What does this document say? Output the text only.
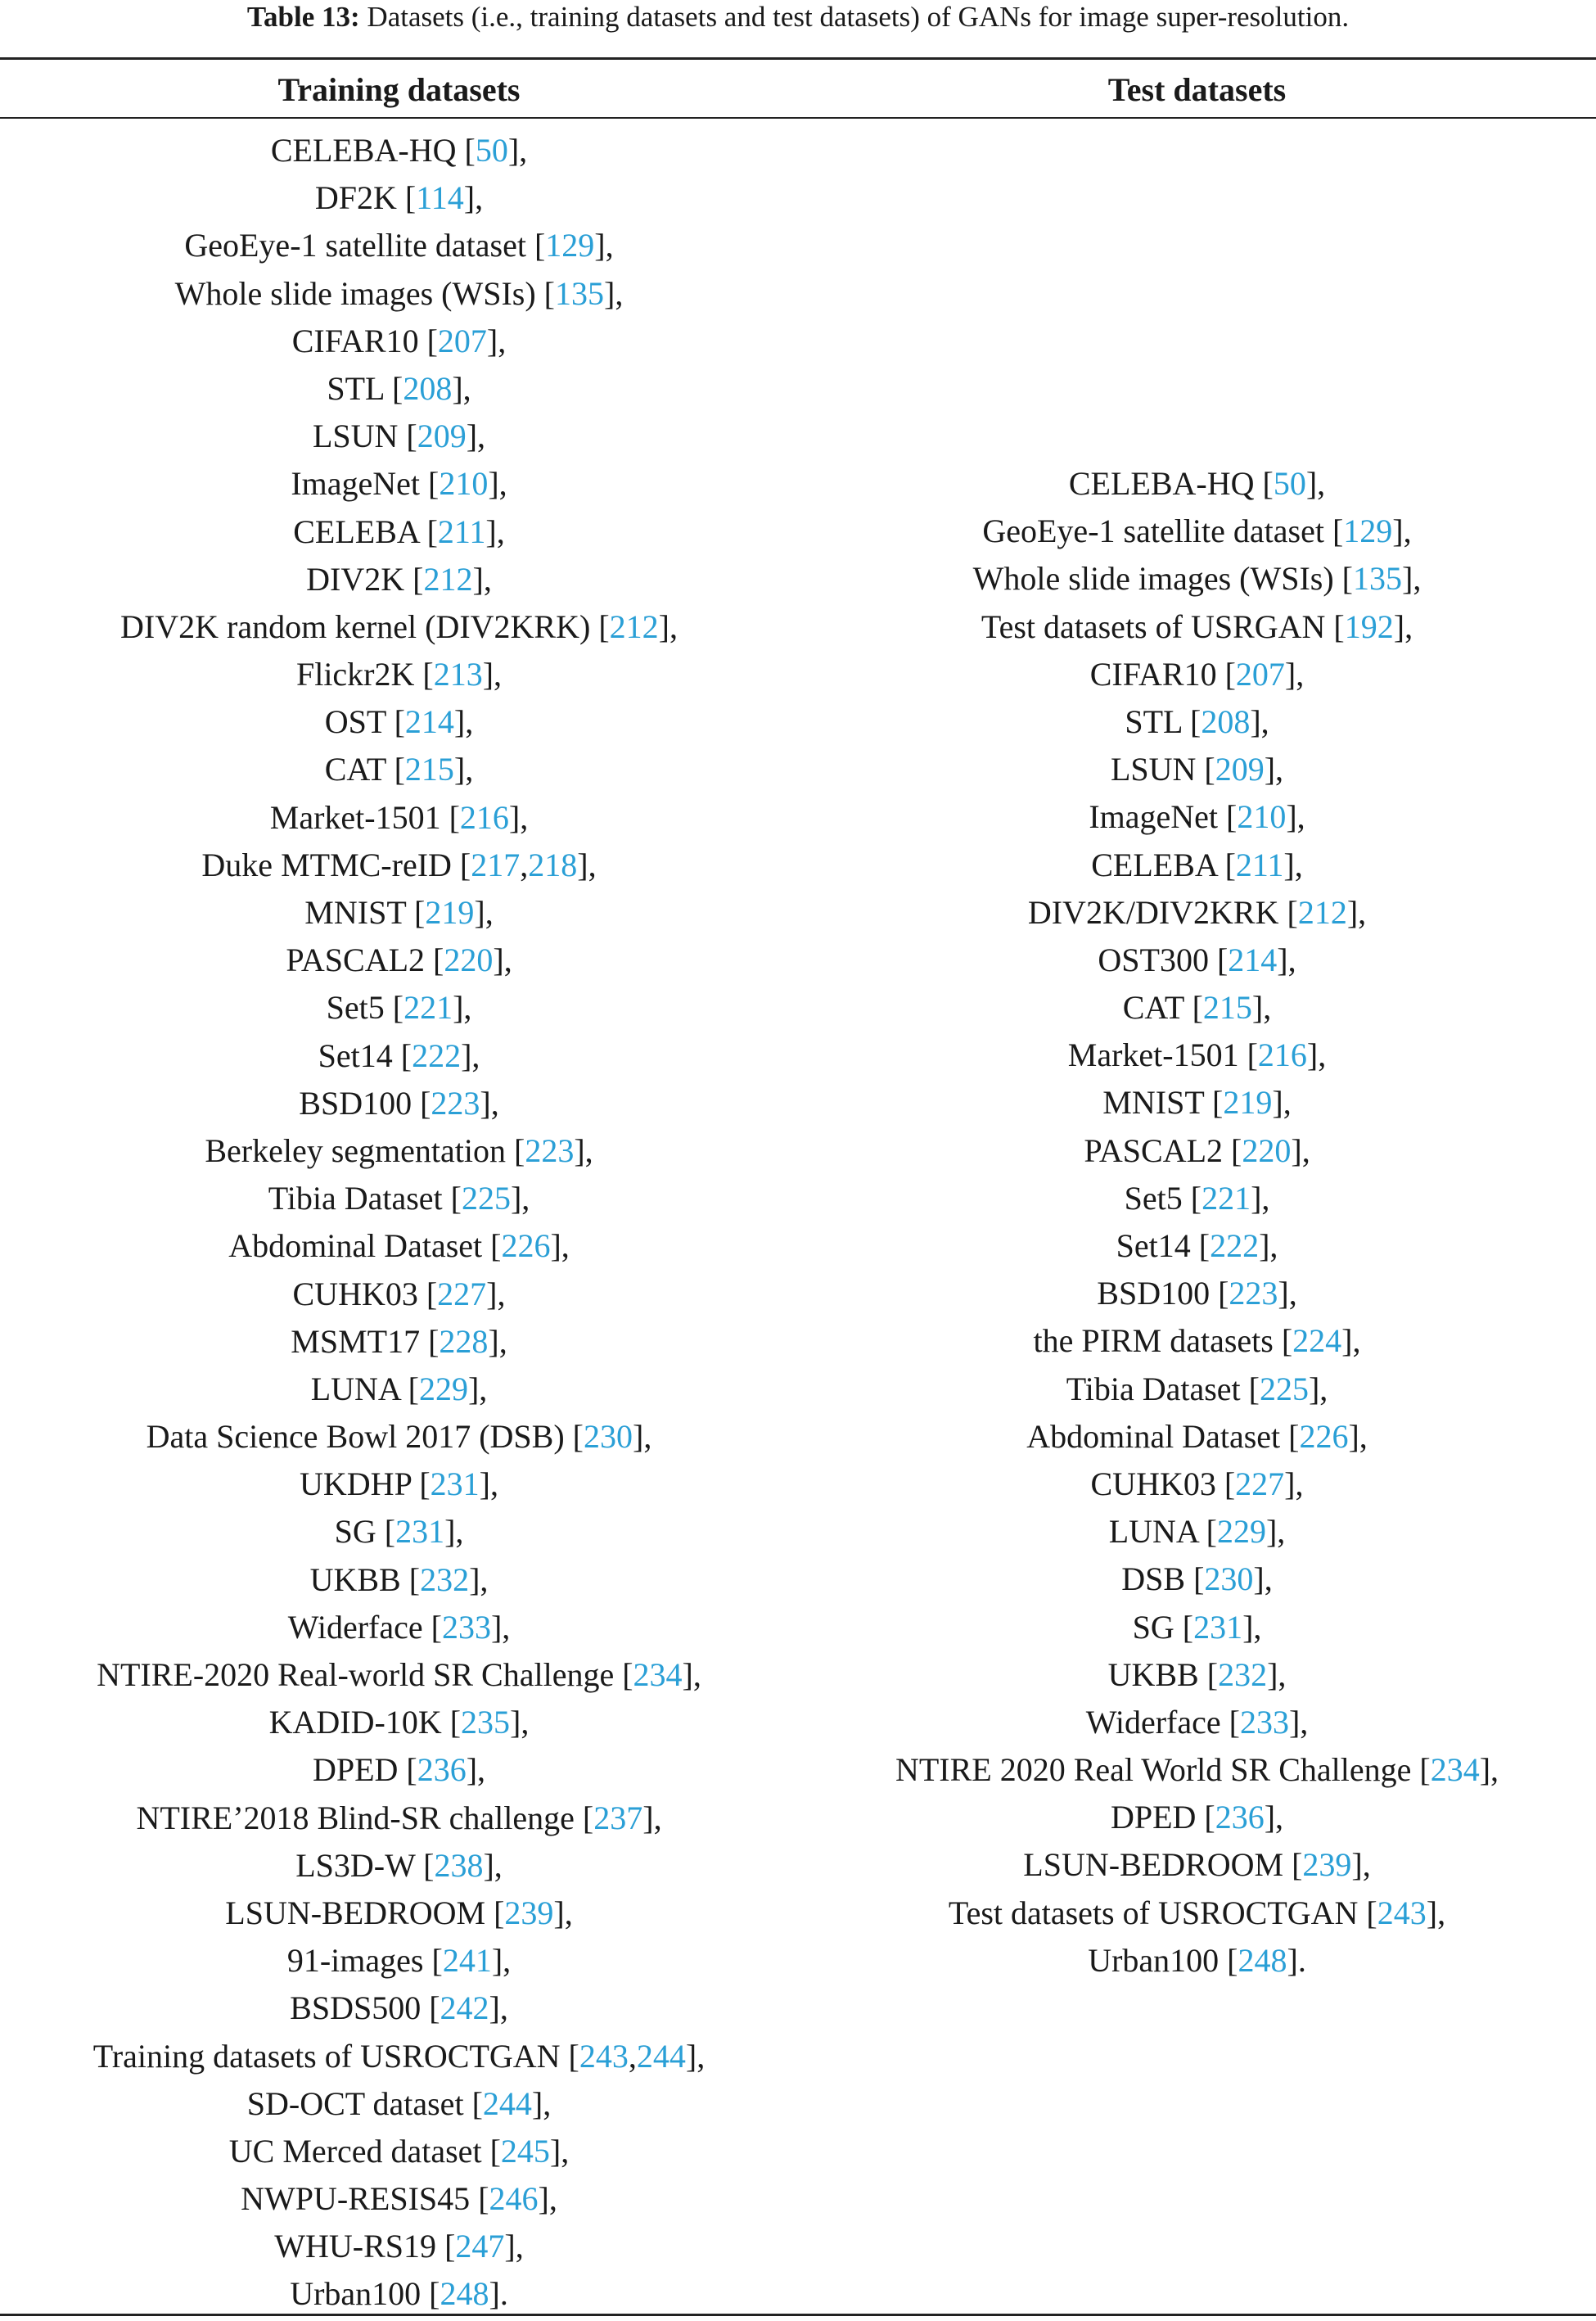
Table 13: Datasets (i.e., training datasets and test datasets) of GANs for image super-resolution.
Training datasets	Test datasets
CELEBA-HQ [50],
DF2K [114],
GeoEye-1 satellite dataset [129],
Whole slide images (WSIs) [135],
CIFAR10 [207],
STL [208],
LSUN [209],
ImageNet [210],
CELEBA [211],
DIV2K [212],
DIV2K random kernel (DIV2KRK) [212],
Flickr2K [213],
OST [214],
CAT [215],
Market-1501 [216],
Duke MTMC-reID [217,218],
MNIST [219],
PASCAL2 [220],
Set5 [221],
Set14 [222],
BSD100 [223],
Berkeley segmentation [223],
Tibia Dataset [225],
Abdominal Dataset [226],
CUHK03 [227],
MSMT17 [228],
LUNA [229],
Data Science Bowl 2017 (DSB) [230],
UKDHP [231],
SG [231],
UKBB [232],
Widerface [233],
NTIRE-2020 Real-world SR Challenge [234],
KADID-10K [235],
DPED [236],
NTIRE’2018 Blind-SR challenge [237],
LS3D-W [238],
LSUN-BEDROOM [239],
91-images [241],
BSDS500 [242],
Training datasets of USROCTGAN [243,244],
SD-OCT dataset [244],
UC Merced dataset [245],
NWPU-RESIS45 [246],
WHU-RS19 [247],
Urban100 [248].
CELEBA-HQ [50],
GeoEye-1 satellite dataset [129],
Whole slide images (WSIs) [135],
Test datasets of USRGAN [192],
CIFAR10 [207],
STL [208],
LSUN [209],
ImageNet [210],
CELEBA [211],
DIV2K/DIV2KRK [212],
OST300 [214],
CAT [215],
Market-1501 [216],
MNIST [219],
PASCAL2 [220],
Set5 [221],
Set14 [222],
BSD100 [223],
the PIRM datasets [224],
Tibia Dataset [225],
Abdominal Dataset [226],
CUHK03 [227],
LUNA [229],
DSB [230],
SG [231],
UKBB [232],
Widerface [233],
NTIRE 2020 Real World SR Challenge [234],
DPED [236],
LSUN-BEDROOM [239],
Test datasets of USROCTGAN [243],
Urban100 [248].
